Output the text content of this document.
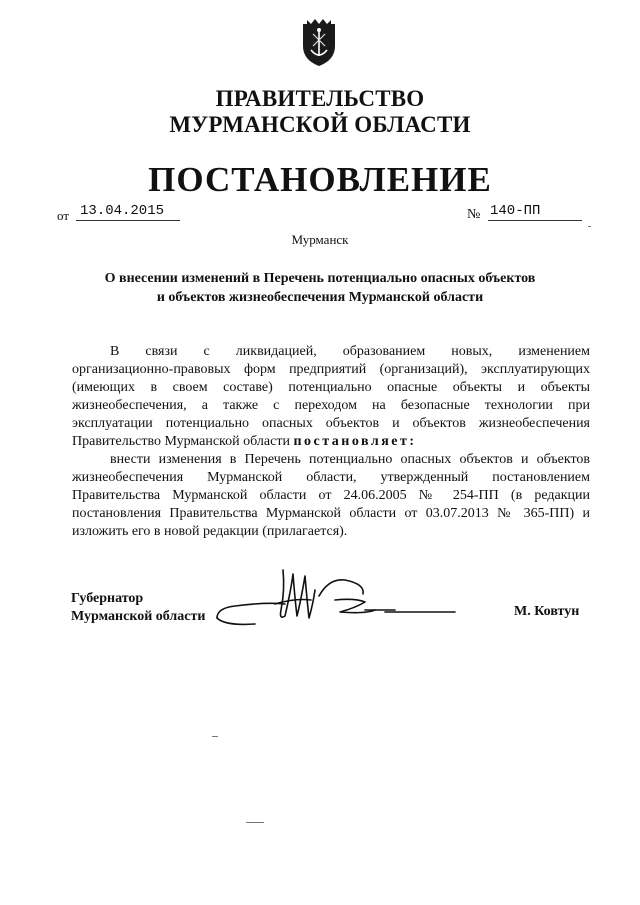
ПРАВИТЕЛЬСТВО
МУРМАНСКОЙ ОБЛАСТИ
ПОСТАНОВЛЕНИЕ
от 13.04.2015	№ 140-ПП
Мурманск
О внесении изменений в Перечень потенциально опасных объектов
и объектов жизнеобеспечения Мурманской области
В связи с ликвидацией, образованием новых, изменением
организационно-правовых форм предприятий (организаций), эксплуатирующих
(имеющих в своем составе) потенциально опасные объекты и объекты
жизнеобеспечения, а также с переходом на безопасные технологии при
эксплуатации потенциально опасных объектов и объектов жизнеобеспечения
Правительство Мурманской области постановляет:
внести изменения в Перечень потенциально опасных объектов и объектов
жизнеобеспечения Мурманской области, утвержденный постановлением
Правительства Мурманской области от 24.06.2005 № 254-ПП (в редакции
постановления Правительства Мурманской области от 03.07.2013 № 365-ПП) и
изложить его в новой редакции (прилагается).
Губернатор
Мурманской области	М. Ковтун
